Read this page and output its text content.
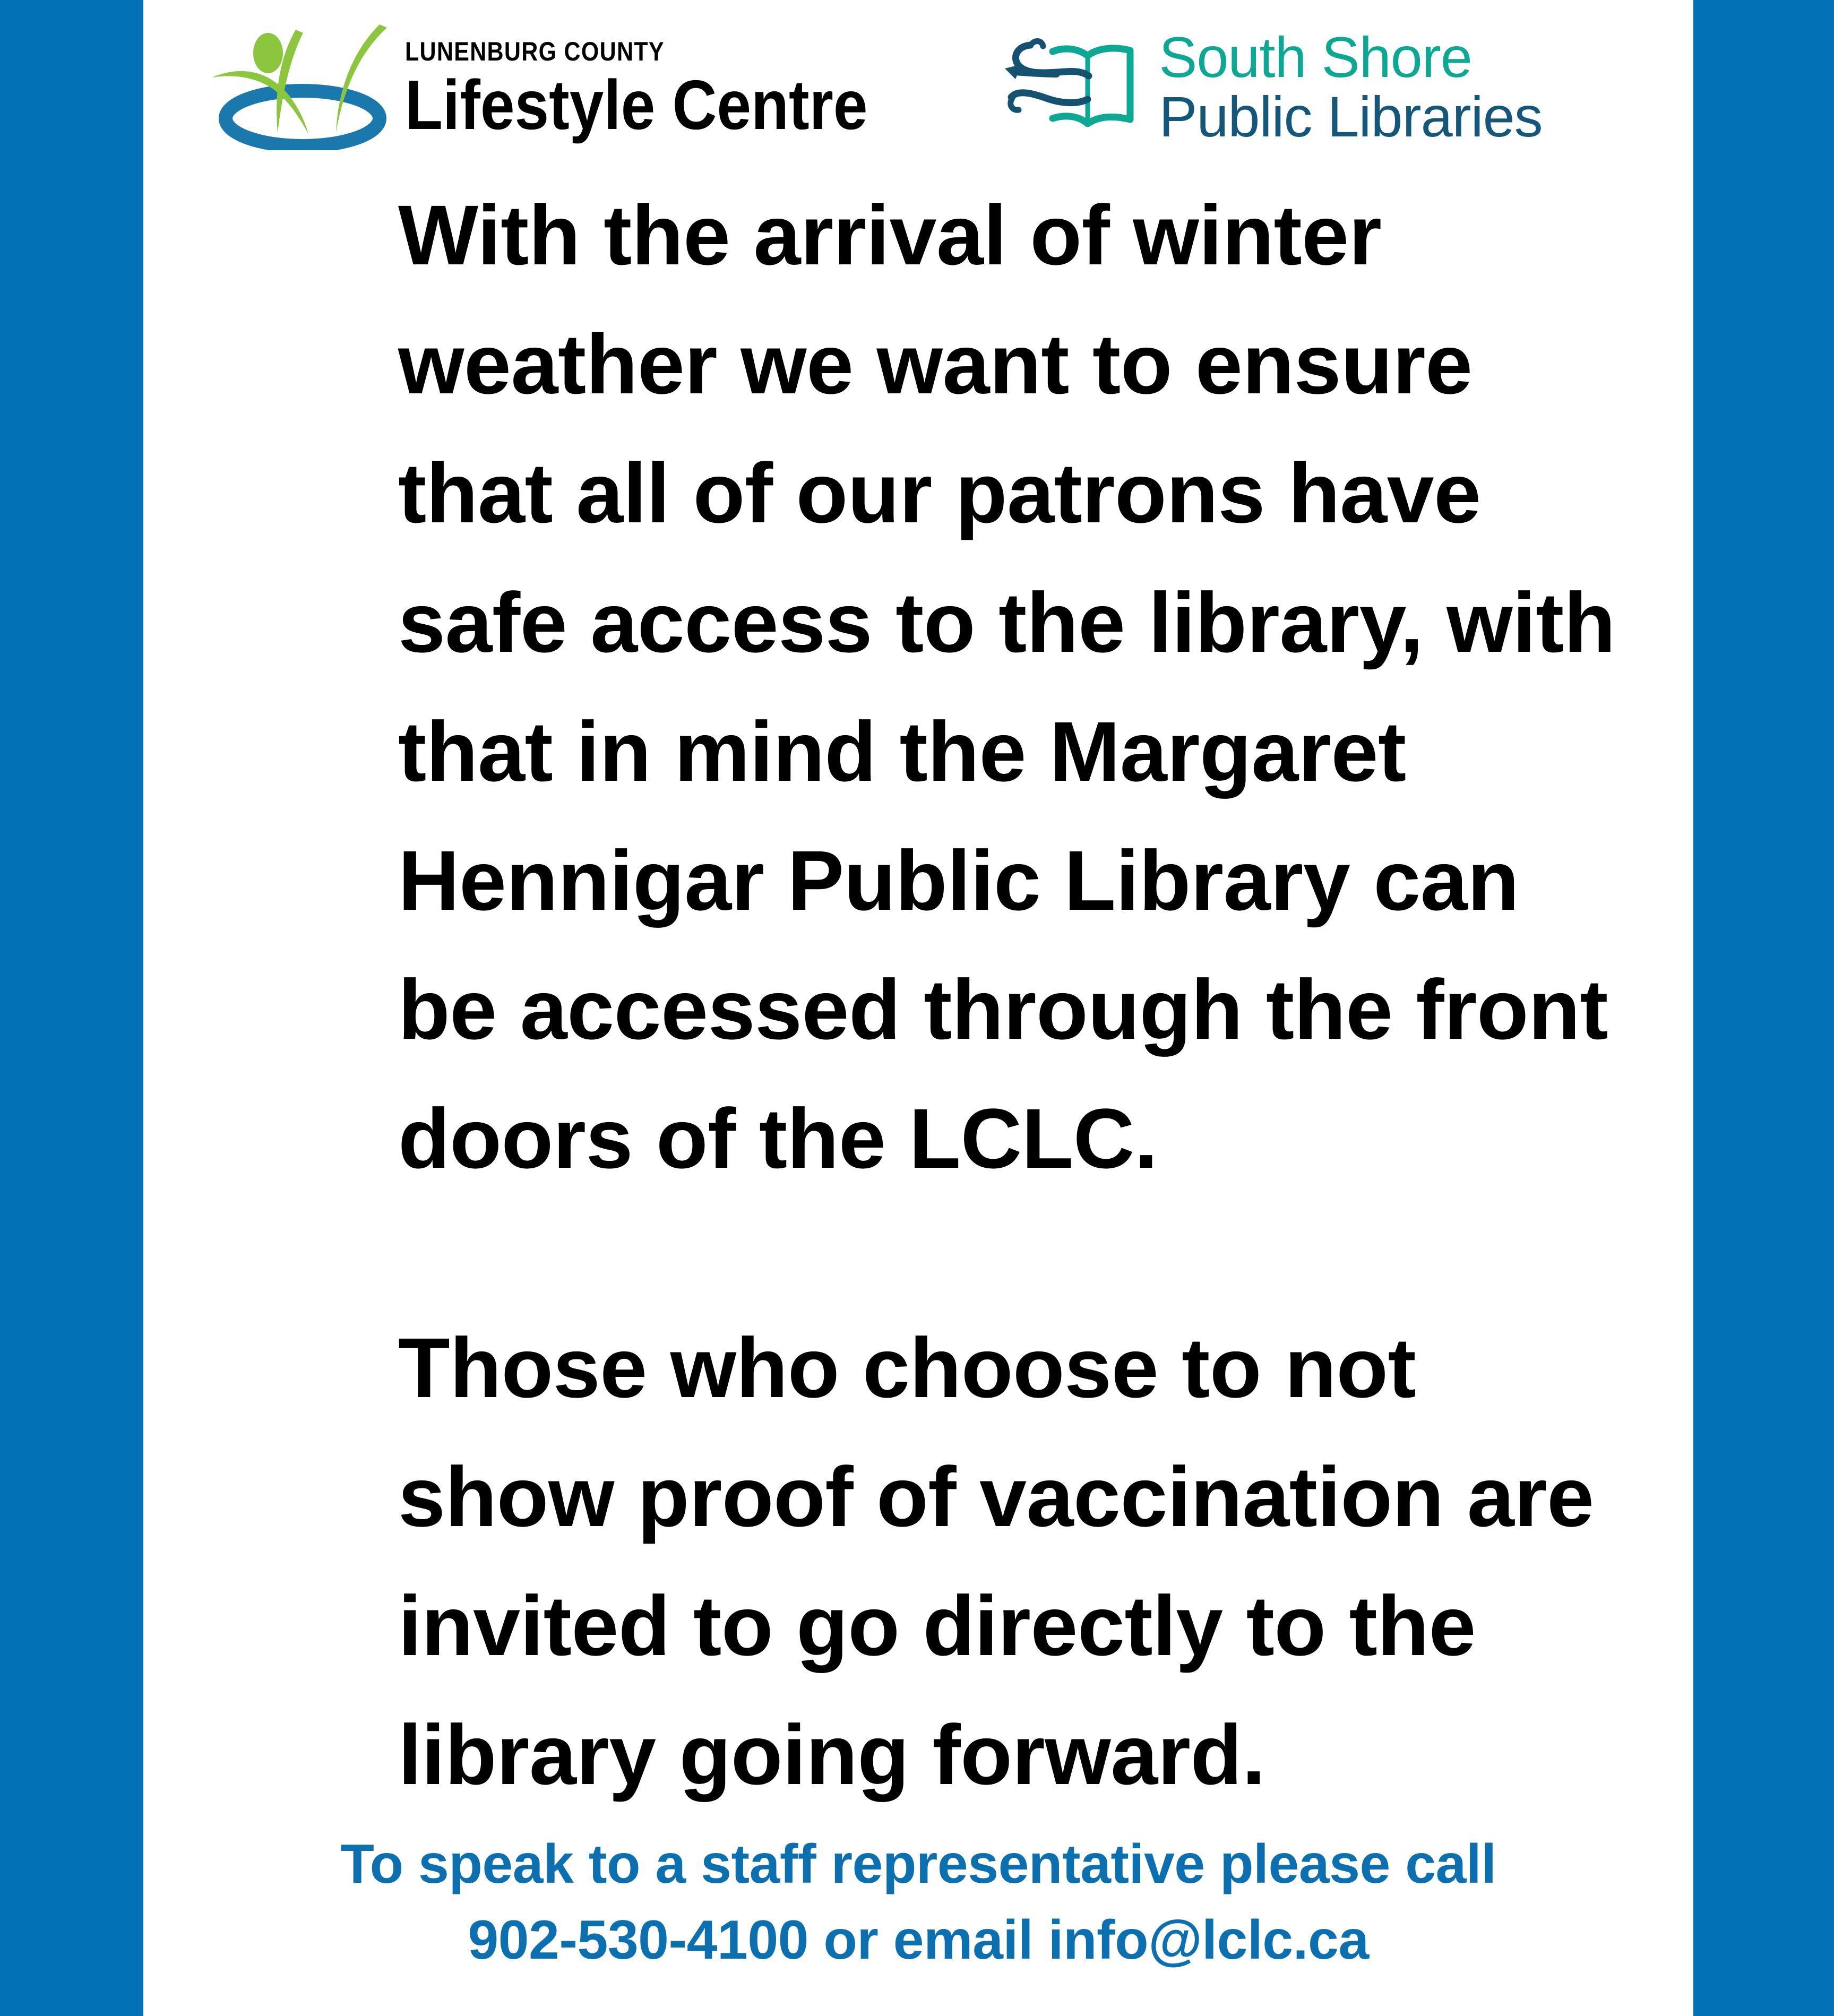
LUNENBURG COUNTY
Lifestyle Centre
South Shore
Public Libraries

With the arrival of winter weather we want to ensure that all of our patrons have safe access to the library, with that in mind the Margaret Hennigar Public Library can be accessed through the front doors of the LCLC.

Those who choose to not show proof of vaccination are invited to go directly to the library going forward.

To speak to a staff representative please call

902-530-4100 or email info@lclc.ca
